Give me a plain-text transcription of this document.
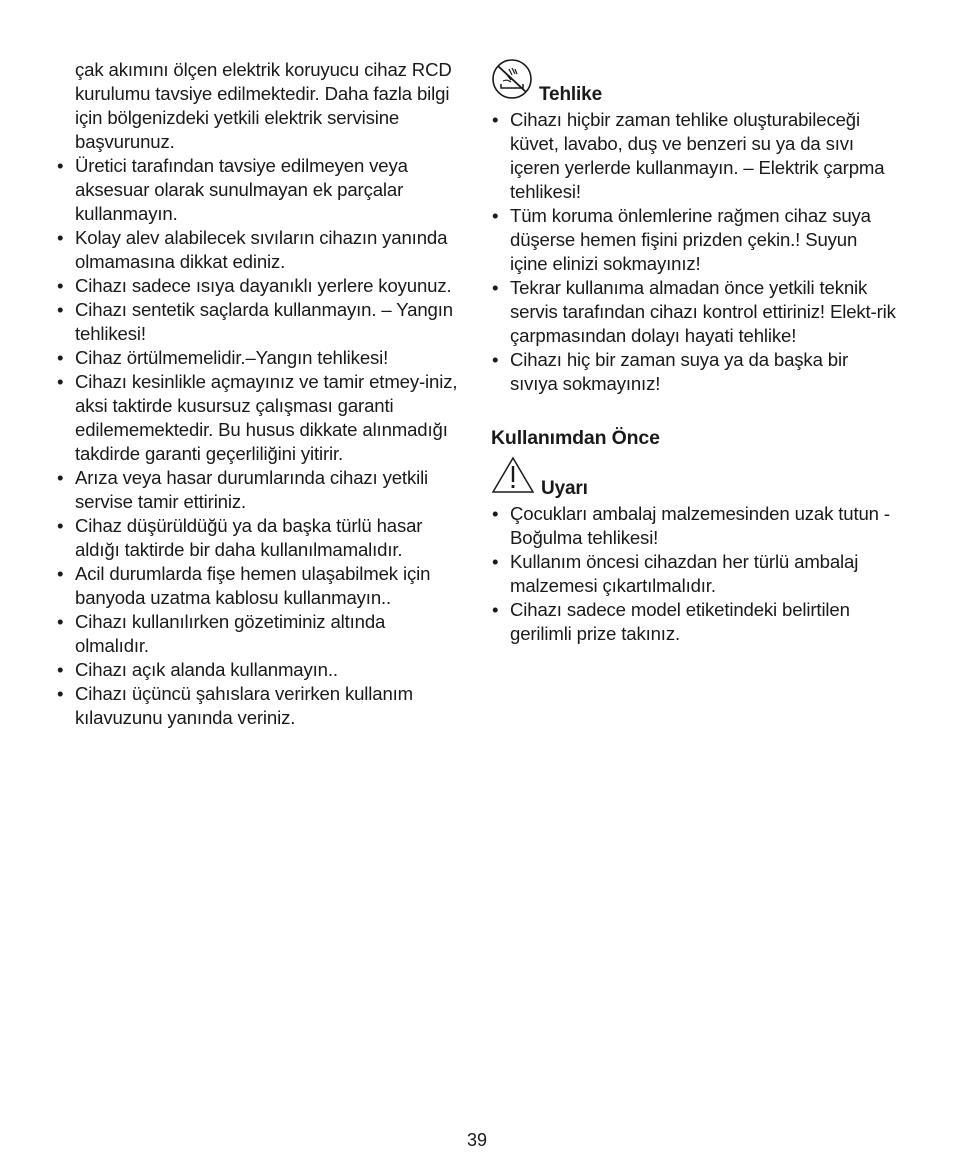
çak akımını ölçen elektrik koruyucu cihaz RCD kurulumu tavsiye edilmektedir. Daha fazla bilgi için bölgenizdeki yetkili elektrik servisine başvurunuz.

• Üretici tarafından tavsiye edilmeyen veya aksesuar olarak sunulmayan ek parçalar kullanmayın.
• Kolay alev alabilecek sıvıların cihazın yanında olmamasına dikkat ediniz.
• Cihazı sadece ısıya dayanıklı yerlere koyunuz.
• Cihazı sentetik saçlarda kullanmayın. – Yangın tehlikesi!
• Cihaz örtülmemelidir.–Yangın tehlikesi!
• Cihazı kesinlikle açmayınız ve tamir etmey-iniz, aksi taktirde kusursuz çalışması garanti edilememektedir. Bu husus dikkate alınmadığı takdirde garanti geçerliliğini yitirir.
• Arıza veya hasar durumlarında cihazı yetkili servise tamir ettiriniz.
• Cihaz düşürüldüğü ya da başka türlü hasar aldığı taktirde bir daha kullanılmamalıdır.
• Acil durumlarda fişe hemen ulaşabilmek için banyoda uzatma kablosu kullanmayın..
• Cihazı kullanılırken gözetiminiz altında olmalıdır.
• Cihazı açık alanda kullanmayın..
• Cihazı üçüncü şahıslara verirken kullanım kılavuzunu yanında veriniz.
Tehlike
• Cihazı hiçbir zaman tehlike oluşturabileceği küvet, lavabo, duş ve benzeri su ya da sıvı içeren yerlerde kullanmayın. – Elektrik çarpma tehlikesi!
• Tüm koruma önlemlerine rağmen cihaz suya düşerse hemen fişini prizden çekin.! Suyun içine elinizi sokmayınız!
• Tekrar kullanıma almadan önce yetkili teknik servis tarafından cihazı kontrol ettiriniz! Elekt-rik çarpmasından dolayı hayati tehlike!
• Cihazı hiç bir zaman suya ya da başka bir sıvıya sokmayınız!
Kullanımdan Önce
Uyarı
• Çocukları ambalaj malzemesinden uzak tutun - Boğulma tehlikesi!
• Kullanım öncesi cihazdan her türlü ambalaj malzemesi çıkartılmalıdır.
• Cihazı sadece model etiketindeki belirtilen gerilimli prize takınız.
39
